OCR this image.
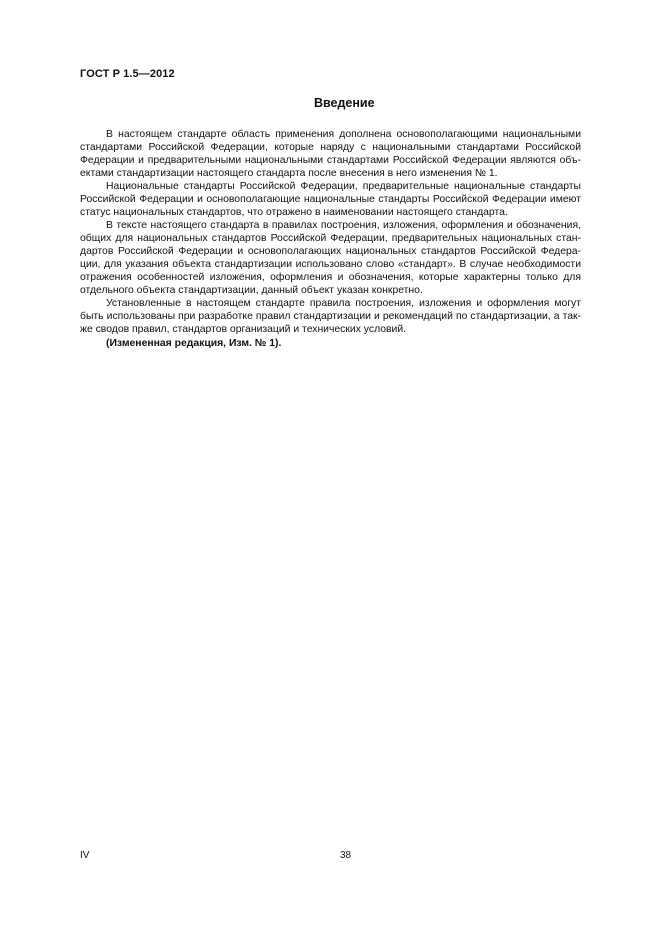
ГОСТ Р 1.5—2012
Введение
В настоящем стандарте область применения дополнена основополагающими национальными
стандартами Российской Федерации, которые наряду с национальными стандартами Российской
Федерации и предварительными национальными стандартами Российской Федерации являются объ-
ектами стандартизации настоящего стандарта после внесения в него изменения № 1.
Национальные стандарты Российской Федерации, предварительные национальные стандарты
Российской Федерации и основополагающие национальные стандарты Российской Федерации имеют
статус национальных стандартов, что отражено в наименовании настоящего стандарта.
В тексте настоящего стандарта в правилах построения, изложения, оформления и обозначения,
общих для национальных стандартов Российской Федерации, предварительных национальных стан-
дартов Российской Федерации и основополагающих национальных стандартов Российской Федера-
ции, для указания объекта стандартизации использовано слово «стандарт». В случае необходимости
отражения особенностей изложения, оформления и обозначения, которые характерны только для
отдельного объекта стандартизации, данный объект указан конкретно.
Установленные в настоящем стандарте правила построения, изложения и оформления могут
быть использованы при разработке правил стандартизации и рекомендаций по стандартизации, а так-
же сводов правил, стандартов организаций и технических условий.
(Измененная редакция, Изм. № 1).
IV	38
